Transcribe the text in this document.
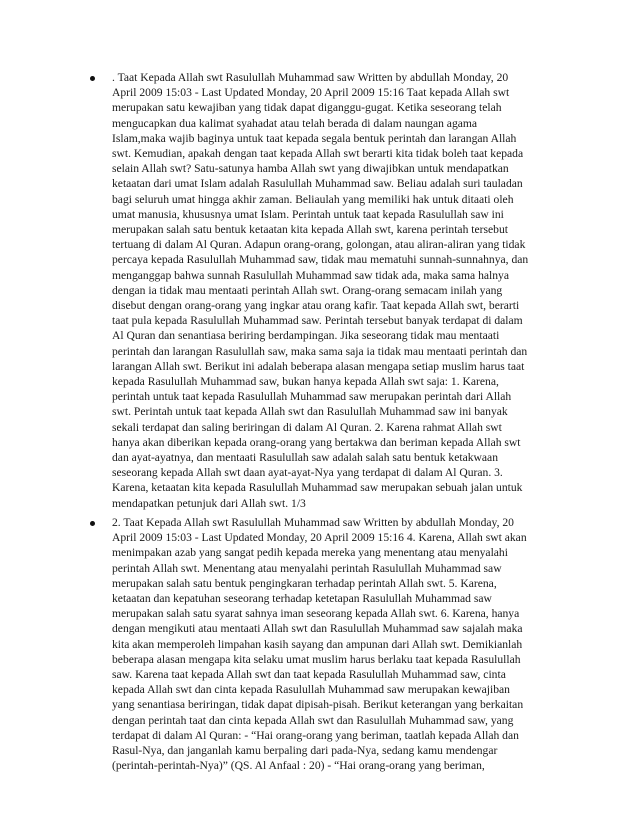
. Taat Kepada Allah swt Rasulullah Muhammad saw Written by abdullah Monday, 20
April 2009 15:03 - Last Updated Monday, 20 April 2009 15:16 Taat kepada Allah swt
merupakan satu kewajiban yang tidak dapat diganggu-gugat. Ketika seseorang telah
mengucapkan dua kalimat syahadat atau telah berada di dalam naungan agama
Islam,maka wajib baginya untuk taat kepada segala bentuk perintah dan larangan Allah
swt. Kemudian, apakah dengan taat kepada Allah swt berarti kita tidak boleh taat kepada
selain Allah swt? Satu-satunya hamba Allah swt yang diwajibkan untuk mendapatkan
ketaatan dari umat Islam adalah Rasulullah Muhammad saw. Beliau adalah suri tauladan
bagi seluruh umat hingga akhir zaman. Beliaulah yang memiliki hak untuk ditaati oleh
umat manusia, khususnya umat Islam. Perintah untuk taat kepada Rasulullah saw ini
merupakan salah satu bentuk ketaatan kita kepada Allah swt, karena perintah tersebut
tertuang di dalam Al Quran. Adapun orang-orang, golongan, atau aliran-aliran yang tidak
percaya kepada Rasulullah Muhammad saw, tidak mau mematuhi sunnah-sunnahnya, dan
menganggap bahwa sunnah Rasulullah Muhammad saw tidak ada, maka sama halnya
dengan ia tidak mau mentaati perintah Allah swt. Orang-orang semacam inilah yang
disebut dengan orang-orang yang ingkar atau orang kafir. Taat kepada Allah swt, berarti
taat pula kepada Rasulullah Muhammad saw. Perintah tersebut banyak terdapat di dalam
Al Quran dan senantiasa beriring berdampingan. Jika seseorang tidak mau mentaati
perintah dan larangan Rasulullah saw, maka sama saja ia tidak mau mentaati perintah dan
larangan Allah swt. Berikut ini adalah beberapa alasan mengapa setiap muslim harus taat
kepada Rasulullah Muhammad saw, bukan hanya kepada Allah swt saja: 1. Karena,
perintah untuk taat kepada Rasulullah Muhammad saw merupakan perintah dari Allah
swt. Perintah untuk taat kepada Allah swt dan Rasulullah Muhammad saw ini banyak
sekali terdapat dan saling beriringan di dalam Al Quran. 2. Karena rahmat Allah swt
hanya akan diberikan kepada orang-orang yang bertakwa dan beriman kepada Allah swt
dan ayat-ayatnya, dan mentaati Rasulullah saw adalah salah satu bentuk ketakwaan
seseorang kepada Allah swt daan ayat-ayat-Nya yang terdapat di dalam Al Quran. 3.
Karena, ketaatan kita kepada Rasulullah Muhammad saw merupakan sebuah jalan untuk
mendapatkan petunjuk dari Allah swt. 1/3
2. Taat Kepada Allah swt Rasulullah Muhammad saw Written by abdullah Monday, 20
April 2009 15:03 - Last Updated Monday, 20 April 2009 15:16 4. Karena, Allah swt akan
menimpakan azab yang sangat pedih kepada mereka yang menentang atau menyalahi
perintah Allah swt. Menentang atau menyalahi perintah Rasulullah Muhammad saw
merupakan salah satu bentuk pengingkaran terhadap perintah Allah swt. 5. Karena,
ketaatan dan kepatuhan seseorang terhadap ketetapan Rasulullah Muhammad saw
merupakan salah satu syarat sahnya iman seseorang kepada Allah swt. 6. Karena, hanya
dengan mengikuti atau mentaati Allah swt dan Rasulullah Muhammad saw sajalah maka
kita akan memperoleh limpahan kasih sayang dan ampunan dari Allah swt. Demikianlah
beberapa alasan mengapa kita selaku umat muslim harus berlaku taat kepada Rasulullah
saw. Karena taat kepada Allah swt dan taat kepada Rasulullah Muhammad saw, cinta
kepada Allah swt dan cinta kepada Rasulullah Muhammad saw merupakan kewajiban
yang senantiasa beriringan, tidak dapat dipisah-pisah. Berikut keterangan yang berkaitan
dengan perintah taat dan cinta kepada Allah swt dan Rasulullah Muhammad saw, yang
terdapat di dalam Al Quran: - “Hai orang-orang yang beriman, taatlah kepada Allah dan
Rasul-Nya, dan janganlah kamu berpaling dari pada-Nya, sedang kamu mendengar
(perintah-perintah-Nya)” (QS. Al Anfaal : 20) - “Hai orang-orang yang beriman,
